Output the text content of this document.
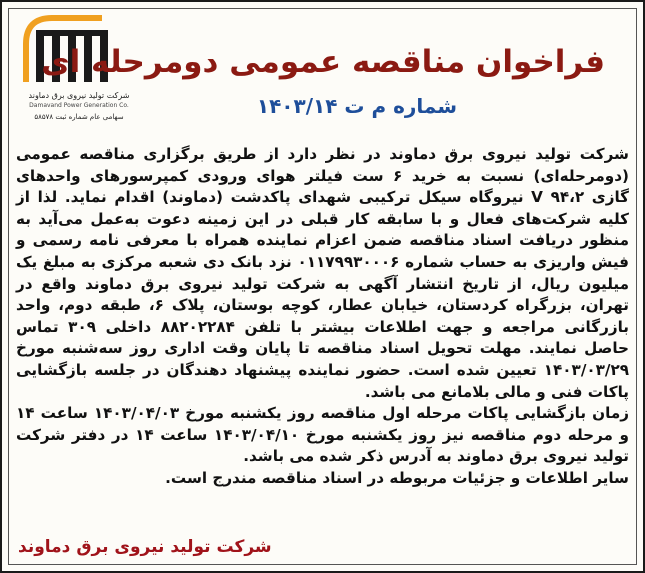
شرکت تولید نیروی برق دماوند
Damavand Power Generation Co.
سهامی عام شماره ثبت ۵۸۵۷۸
فراخوان مناقصه عمومی دومرحله ای
شماره م ت ۱۴۰۳/۱۴

شرکت تولید نیروی برق دماوند در نظر دارد از طریق برگزاری مناقصه عمومی (دومرحله‌ای) نسبت به خرید ۶ ست فیلتر هوای ورودی کمپرسورهای واحدهای گازی ۹۴،۲ V نیروگاه سیکل ترکیبی شهدای پاکدشت (دماوند) اقدام نماید. لذا از کلیه شرکت‌های فعال و با سابقه کار قبلی در این زمینه دعوت به‌عمل می‌آید به منظور دریافت اسناد مناقصه ضمن اعزام نماینده همراه با معرفی نامه رسمی و فیش واریزی به حساب شماره ۰۱۱۷۹۹۳۰۰۰۶ نزد بانک دی شعبه مرکزی به مبلغ یک میلیون ریال، از تاریخ انتشار آگهی به شرکت تولید نیروی برق دماوند واقع در تهران، بزرگراه کردستان، خیابان عطار، کوچه بوستان، پلاک ۶، طبقه دوم، واحد بازرگانی مراجعه و جهت اطلاعات بیشتر با تلفن ۸۸۲۰۲۲۸۴ داخلی ۳۰۹ تماس حاصل نمایند. مهلت تحویل اسناد مناقصه تا پایان وقت اداری روز سه‌شنبه مورخ ۱۴۰۳/۰۳/۲۹ تعیین شده است. حضور نماینده پیشنهاد دهندگان در جلسه بازگشایی پاکات فنی و مالی بلامانع می باشد.

زمان بازگشایی پاکات مرحله اول مناقصه روز یکشنبه مورخ ۱۴۰۳/۰۴/۰۳ ساعت ۱۴ و مرحله دوم مناقصه نیز روز یکشنبه مورخ ۱۴۰۳/۰۴/۱۰ ساعت ۱۴ در دفتر شرکت تولید نیروی برق دماوند به آدرس ذکر شده می باشد.

سایر اطلاعات و جزئیات مربوطه در اسناد مناقصه مندرج است.

شرکت تولید نیروی برق دماوند
